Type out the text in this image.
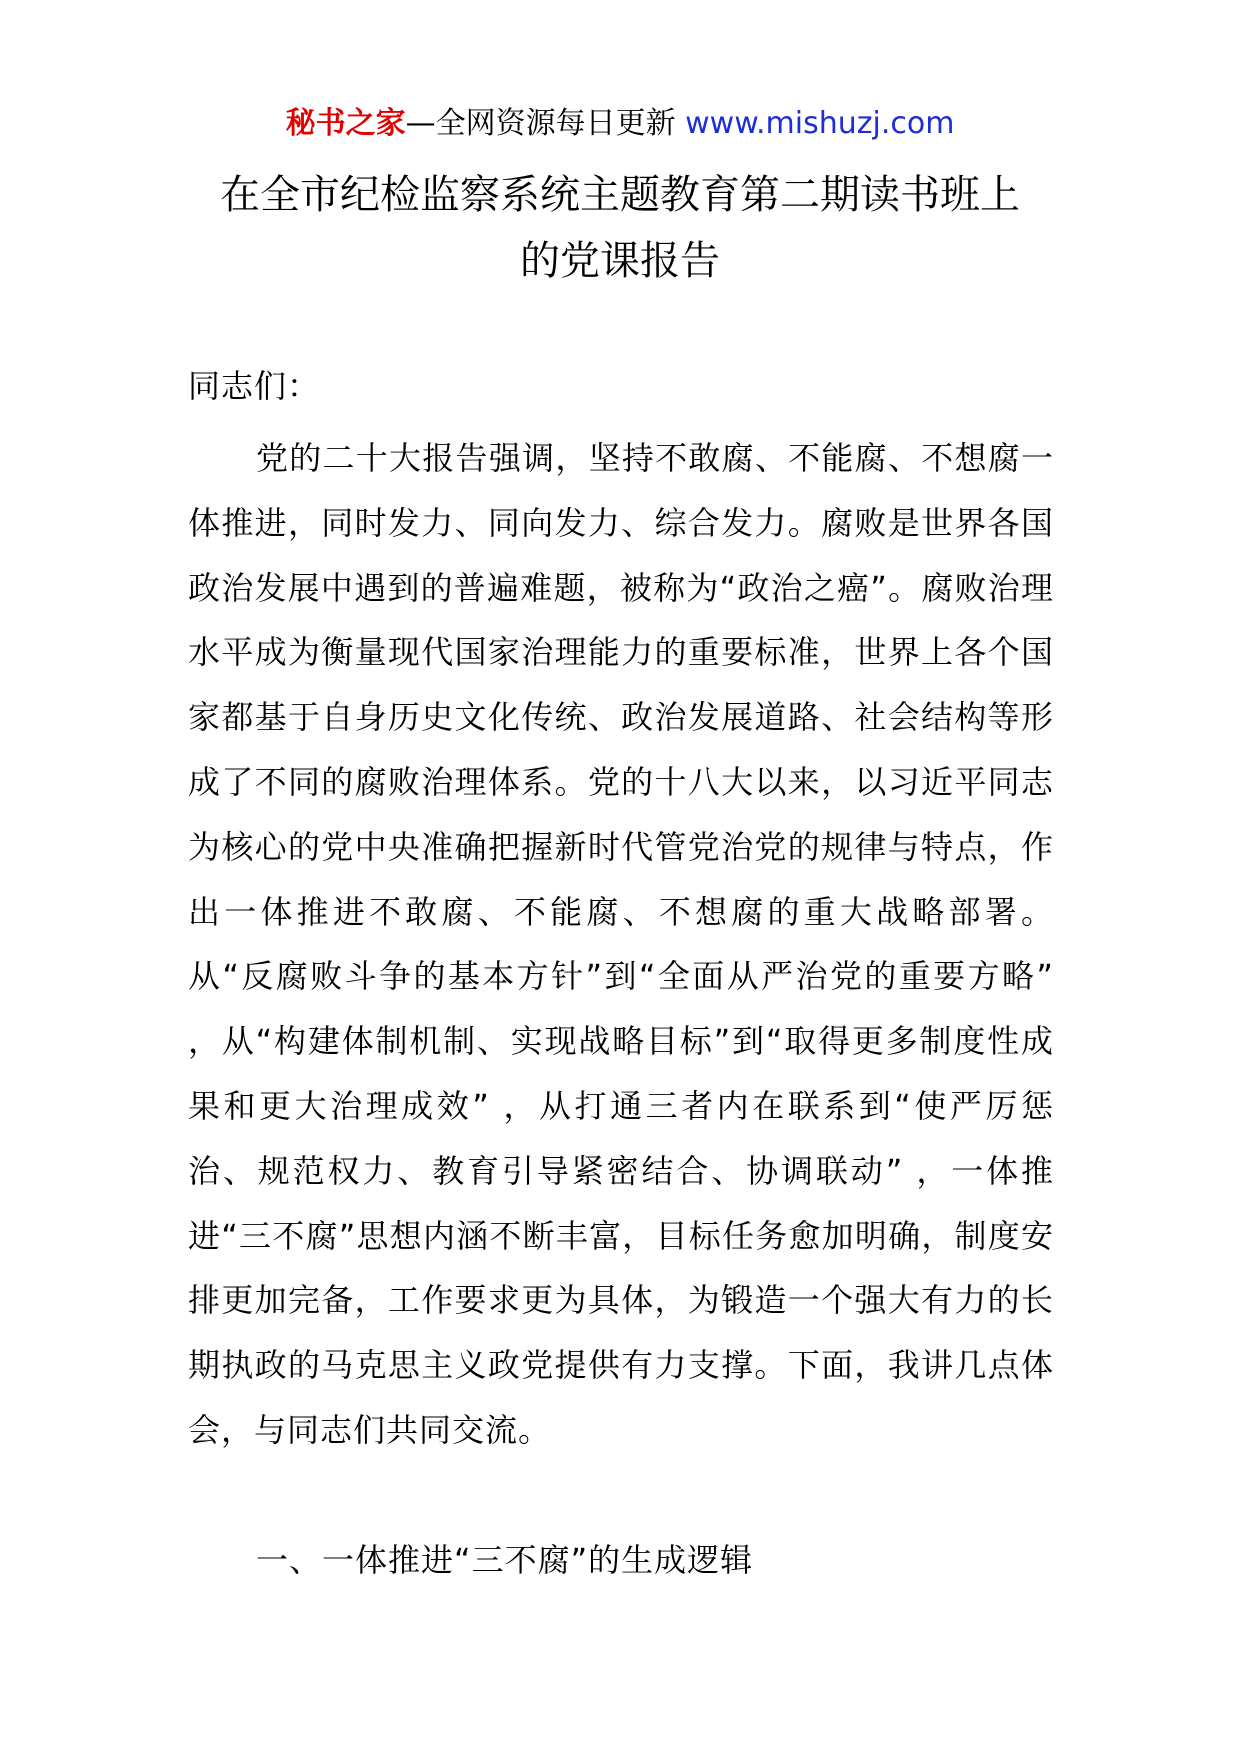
秘书之家—全网资源每日更新 www.mishuzj.com
在全市纪检监察系统主题教育第二期读书班上
的党课报告
同志们：
党的二十大报告强调，坚持不敢腐、不能腐、不想腐一体推进，同时发力、同向发力、综合发力。腐败是世界各国政治发展中遇到的普遍难题，被称为“政治之癌”。腐败治理水平成为衡量现代国家治理能力的重要标准，世界上各个国家都基于自身历史文化传统、政治发展道路、社会结构等形成了不同的腐败治理体系。党的十八大以来，以习近平同志为核心的党中央准确把握新时代管党治党的规律与特点，作出一体推进不敢腐、不能腐、不想腐的重大战略部署。从“反腐败斗争的基本方针”到“全面从严治党的重要方略” ，从“构建体制机制、实现战略目标”到“取得更多制度性成果和更大治理成效” ，从打通三者内在联系到“使严厉惩治、规范权力、教育引导紧密结合、协调联动” ，一体推进“三不腐”思想内涵不断丰富，目标任务愈加明确，制度安排更加完备，工作要求更为具体，为锻造一个强大有力的长期执政的马克思主义政党提供有力支撑。下面，我讲几点体会，与同志们共同交流。
一、一体推进“三不腐”的生成逻辑
